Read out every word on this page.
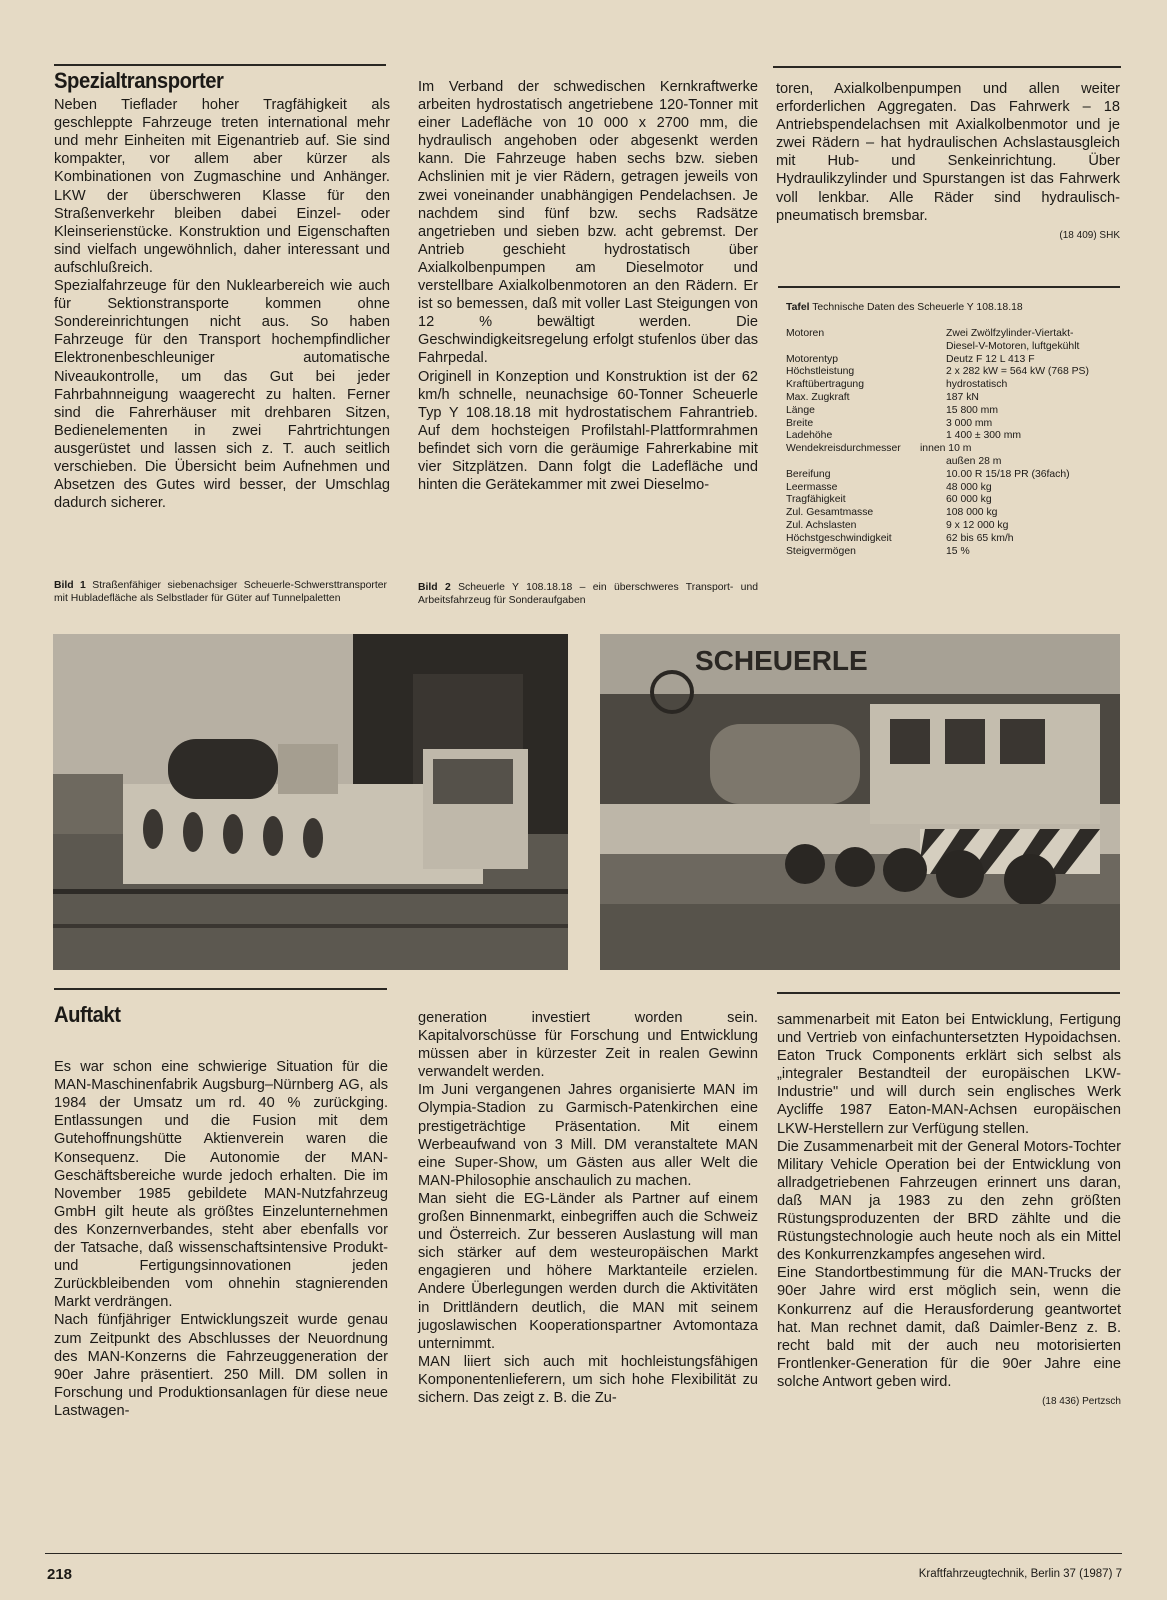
Spezialtransporter

Neben Tieflader hoher Tragfähigkeit als geschleppte Fahrzeuge treten international mehr und mehr Einheiten mit Eigenantrieb auf. Sie sind kompakter, vor allem aber kürzer als Kombinationen von Zugmaschine und Anhänger. LKW der überschweren Klasse für den Straßenverkehr bleiben dabei Einzel- oder Kleinserienstücke. Konstruktion und Eigenschaften sind vielfach ungewöhnlich, daher interessant und aufschlußreich.

Spezialfahrzeuge für den Nuklearbereich wie auch für Sektionstransporte kommen ohne Sondereinrichtungen nicht aus. So haben Fahrzeuge für den Transport hochempfindlicher Elektronenbeschleuniger automatische Niveaukontrolle, um das Gut bei jeder Fahrbahnneigung waagerecht zu halten. Ferner sind die Fahrerhäuser mit drehbaren Sitzen, Bedienelementen in zwei Fahrtrichtungen ausgerüstet und lassen sich z. T. auch seitlich verschieben. Die Übersicht beim Aufnehmen und Absetzen des Gutes wird besser, der Umschlag dadurch sicherer.

Im Verband der schwedischen Kernkraftwerke arbeiten hydrostatisch angetriebene 120-Tonner mit einer Ladefläche von 10 000 x 2700 mm, die hydraulisch angehoben oder abgesenkt werden kann. Die Fahrzeuge haben sechs bzw. sieben Achslinien mit je vier Rädern, getragen jeweils von zwei voneinander unabhängigen Pendelachsen. Je nachdem sind fünf bzw. sechs Radsätze angetrieben und sieben bzw. acht gebremst. Der Antrieb geschieht hydrostatisch über Axialkolbenpumpen am Dieselmotor und verstellbare Axialkolbenmotoren an den Rädern. Er ist so bemessen, daß mit voller Last Steigungen von 12 % bewältigt werden. Die Geschwindigkeitsregelung erfolgt stufenlos über das Fahrpedal.

Originell in Konzeption und Konstruktion ist der 62 km/h schnelle, neunachsige 60-Tonner Scheuerle Typ Y 108.18.18 mit hydrostatischem Fahrantrieb. Auf dem hochsteigen Profilstahl-Plattformrahmen befindet sich vorn die geräumige Fahrerkabine mit vier Sitzplätzen. Dann folgt die Ladefläche und hinten die Gerätekammer mit zwei Dieselmo-

toren, Axialkolbenpumpen und allen weiter erforderlichen Aggregaten. Das Fahrwerk – 18 Antriebspendelachsen mit Axialkolbenmotor und je zwei Rädern – hat hydraulischen Achslastausgleich mit Hub- und Senkeinrichtung. Über Hydraulikzylinder und Spurstangen ist das Fahrwerk voll lenkbar. Alle Räder sind hydraulisch-pneumatisch bremsbar.

(18 409) SHK
Tafel Technische Daten des Scheuerle Y 108.18.18
Motoren	Zwei Zwölfzylinder-Viertakt-
Diesel-V-Motoren, luftgekühlt
Motorentyp	Deutz F 12 L 413 F
Höchstleistung	2 x 282 kW = 564 kW (768 PS)
Kraftübertragung	hydrostatisch
Max. Zugkraft	187 kN
Länge	15 800 mm
Breite	3 000 mm
Ladehöhe	1 400 ± 300 mm
Wendekreisdurchmesser innen 10 m
außen 28 m
Bereifung	10.00 R 15/18 PR (36fach)
Leermasse	48 000 kg
Tragfähigkeit	60 000 kg
Zul. Gesamtmasse	108 000 kg
Zul. Achslasten	9 x 12 000 kg
Höchstgeschwindigkeit	62 bis 65 km/h
Steigvermögen	15 %
Bild 1 Straßenfähiger siebenachsiger Scheuerle-Schwersttransporter mit Hubladefläche als Selbstlader für Güter auf Tunnelpaletten
Bild 2 Scheuerle Y 108.18.18 – ein überschweres Transport- und Arbeitsfahrzeug für Sonderaufgaben
SCHEUERLE
Auftakt

Es war schon eine schwierige Situation für die MAN-Maschinenfabrik Augsburg–Nürnberg AG, als 1984 der Umsatz um rd. 40 % zurückging. Entlassungen und die Fusion mit dem Gutehoffnungshütte Aktienverein waren die Konsequenz. Die Autonomie der MAN-Geschäftsbereiche wurde jedoch erhalten. Die im November 1985 gebildete MAN-Nutzfahrzeug GmbH gilt heute als größtes Einzelunternehmen des Konzernverbandes, steht aber ebenfalls vor der Tatsache, daß wissenschaftsintensive Produkt- und Fertigungsinnovationen jeden Zurückbleibenden vom ohnehin stagnierenden Markt verdrängen.

Nach fünfjähriger Entwicklungszeit wurde genau zum Zeitpunkt des Abschlusses der Neuordnung des MAN-Konzerns die Fahrzeuggeneration der 90er Jahre präsentiert. 250 Mill. DM sollen in Forschung und Produktionsanlagen für diese neue Lastwagen-

generation investiert worden sein. Kapitalvorschüsse für Forschung und Entwicklung müssen aber in kürzester Zeit in realen Gewinn verwandelt werden.

Im Juni vergangenen Jahres organisierte MAN im Olympia-Stadion zu Garmisch-Patenkirchen eine prestigeträchtige Präsentation. Mit einem Werbeaufwand von 3 Mill. DM veranstaltete MAN eine Super-Show, um Gästen aus aller Welt die MAN-Philosophie anschaulich zu machen.

Man sieht die EG-Länder als Partner auf einem großen Binnenmarkt, einbegriffen auch die Schweiz und Österreich. Zur besseren Auslastung will man sich stärker auf dem westeuropäischen Markt engagieren und höhere Marktanteile erzielen. Andere Überlegungen werden durch die Aktivitäten in Drittländern deutlich, die MAN mit seinem jugoslawischen Kooperationspartner Avtomontaza unternimmt.

MAN liiert sich auch mit hochleistungsfähigen Komponentenlieferern, um sich hohe Flexibilität zu sichern. Das zeigt z. B. die Zu-

sammenarbeit mit Eaton bei Entwicklung, Fertigung und Vertrieb von einfachuntersetzten Hypoidachsen. Eaton Truck Components erklärt sich selbst als „integraler Bestandteil der europäischen LKW-Industrie" und will durch sein englisches Werk Aycliffe 1987 Eaton-MAN-Achsen europäischen LKW-Herstellern zur Verfügung stellen.

Die Zusammenarbeit mit der General Motors-Tochter Military Vehicle Operation bei der Entwicklung von allradgetriebenen Fahrzeugen erinnert uns daran, daß MAN ja 1983 zu den zehn größten Rüstungsproduzenten der BRD zählte und die Rüstungstechnologie auch heute noch als ein Mittel des Konkurrenzkampfes angesehen wird.

Eine Standortbestimmung für die MAN-Trucks der 90er Jahre wird erst möglich sein, wenn die Konkurrenz auf die Herausforderung geantwortet hat. Man rechnet damit, daß Daimler-Benz z. B. recht bald mit der auch neu motorisierten Frontlenker-Generation für die 90er Jahre eine solche Antwort geben wird.

(18 436) Pertzsch
218	Kraftfahrzeugtechnik, Berlin 37 (1987) 7
